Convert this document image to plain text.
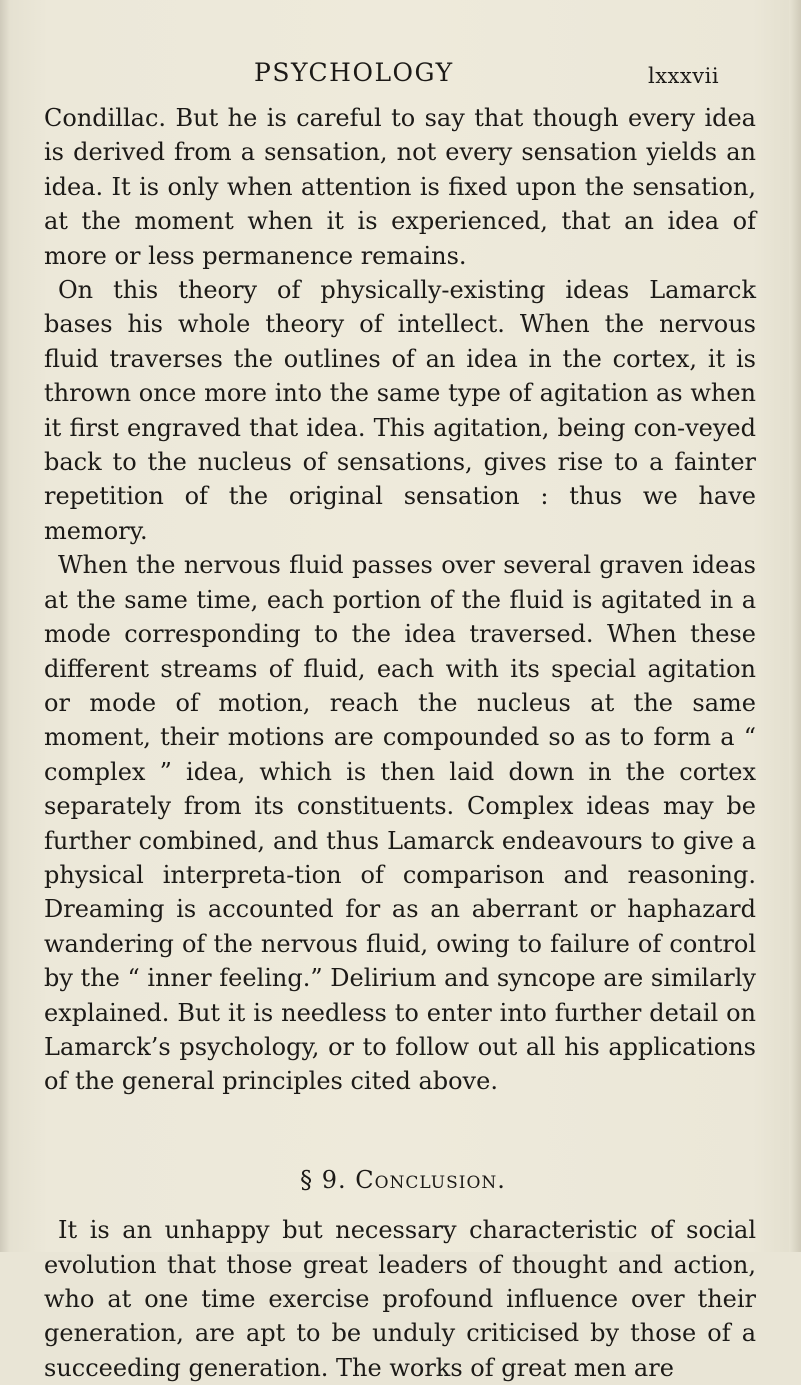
PSYCHOLOGY	lxxxvii

Condillac. But he is careful to say that though every idea is derived from a sensation, not every sensation yields an idea. It is only when attention is fixed upon the sensation, at the moment when it is experienced, that an idea of more or less permanence remains.

On this theory of physically-existing ideas Lamarck bases his whole theory of intellect. When the nervous fluid traverses the outlines of an idea in the cortex, it is thrown once more into the same type of agitation as when it first engraved that idea. This agitation, being con-veyed back to the nucleus of sensations, gives rise to a fainter repetition of the original sensation : thus we have memory.

When the nervous fluid passes over several graven ideas at the same time, each portion of the fluid is agitated in a mode corresponding to the idea traversed. When these different streams of fluid, each with its special agitation or mode of motion, reach the nucleus at the same moment, their motions are compounded so as to form a “ complex ” idea, which is then laid down in the cortex separately from its constituents. Complex ideas may be further combined, and thus Lamarck endeavours to give a physical interpreta-tion of comparison and reasoning. Dreaming is accounted for as an aberrant or haphazard wandering of the nervous fluid, owing to failure of control by the “ inner feeling.” Delirium and syncope are similarly explained. But it is needless to enter into further detail on Lamarck’s psychology, or to follow out all his applications of the general principles cited above.

§ 9. Conclusion.

It is an unhappy but necessary characteristic of social evolution that those great leaders of thought and action, who at one time exercise profound influence over their generation, are apt to be unduly criticised by those of a succeeding generation. The works of great men are
